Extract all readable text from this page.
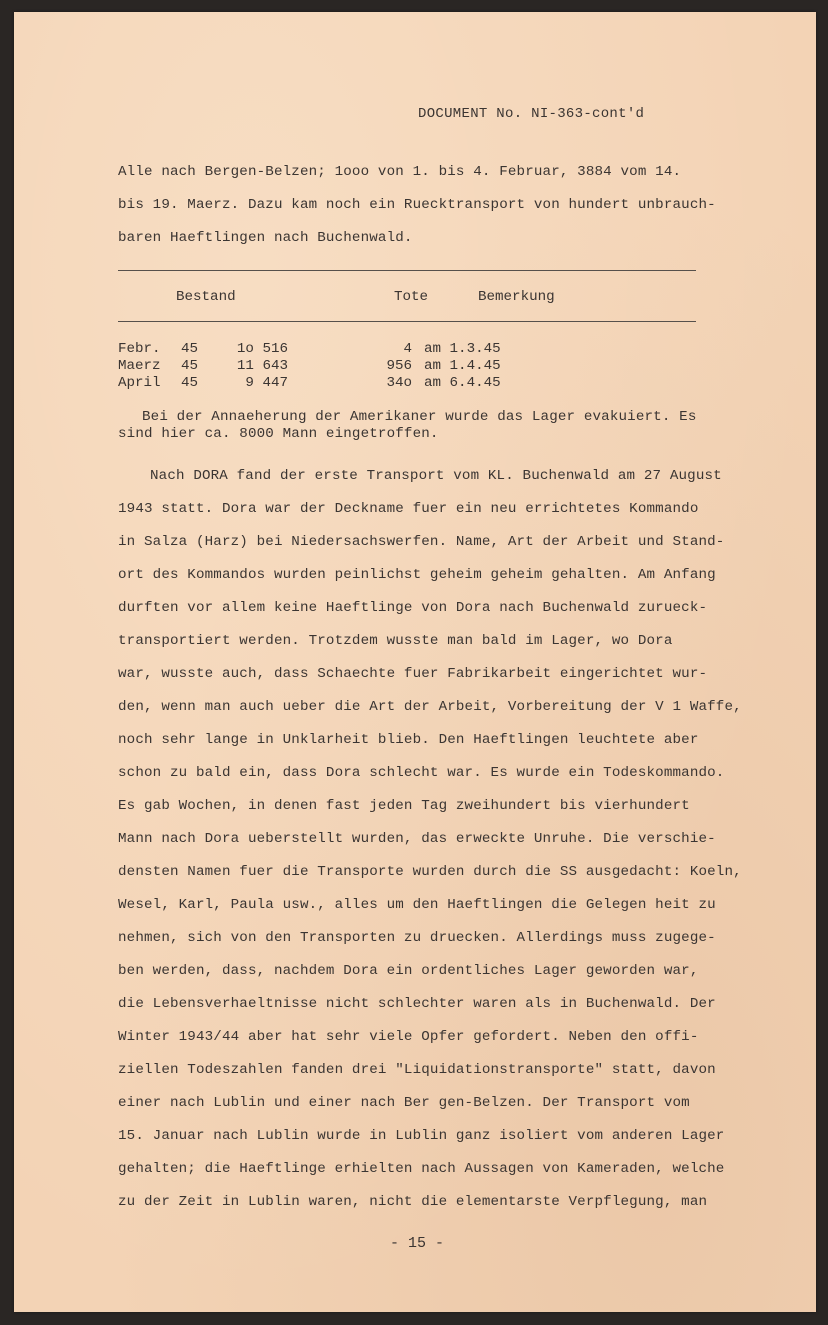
DOCUMENT No. NI-363-cont'd
Alle nach Bergen-Belzen; 1ooo von 1. bis 4. Februar, 3884 vom 14.
bis 19. Maerz. Dazu kam noch ein Ruecktransport von hundert unbrauch-
baren Haeftlingen nach Buchenwald.
Bestand	Tote	Bemerkung
Febr. 45	1o 516	4 am 1.3.45
Maerz 45	11 643	956 am 1.4.45
April 45	9 447	34o am 6.4.45
Bei der Annaeherung der Amerikaner wurde das Lager evakuiert. Es
sind hier ca. 8000 Mann eingetroffen.
Nach DORA fand der erste Transport vom KL. Buchenwald am 27 August
1943 statt. Dora war der Deckname fuer ein neu errichtetes Kommando
in Salza (Harz) bei Niedersachswerfen. Name, Art der Arbeit und Stand-
ort des Kommandos wurden peinlichst geheim geheim gehalten. Am Anfang
durften vor allem keine Haeftlinge von Dora nach Buchenwald zurueck-
transportiert werden. Trotzdem wusste man bald im Lager, wo Dora
war, wusste auch, dass Schaechte fuer Fabrikarbeit eingerichtet wur-
den, wenn man auch ueber die Art der Arbeit, Vorbereitung der V 1 Waffe,
noch sehr lange in Unklarheit blieb. Den Haeftlingen leuchtete aber
schon zu bald ein, dass Dora schlecht war. Es wurde ein Todeskommando.
Es gab Wochen, in denen fast jeden Tag zweihundert bis vierhundert
Mann nach Dora ueberstellt wurden, das erweckte Unruhe. Die verschie-
densten Namen fuer die Transporte wurden durch die SS ausgedacht: Koeln,
Wesel, Karl, Paula usw., alles um den Haeftlingen die Gelegen heit zu
nehmen, sich von den Transporten zu druecken. Allerdings muss zugege-
ben werden, dass, nachdem Dora ein ordentliches Lager geworden war,
die Lebensverhaeltnisse nicht schlechter waren als in Buchenwald. Der
Winter 1943/44 aber hat sehr viele Opfer gefordert. Neben den offi-
ziellen Todeszahlen fanden drei "Liquidationstransporte" statt, davon
einer nach Lublin und einer nach Ber gen-Belzen. Der Transport vom
15. Januar nach Lublin wurde in Lublin ganz isoliert vom anderen Lager
gehalten; die Haeftlinge erhielten nach Aussagen von Kameraden, welche
zu der Zeit in Lublin waren, nicht die elementarste Verpflegung, man
- 15 -
